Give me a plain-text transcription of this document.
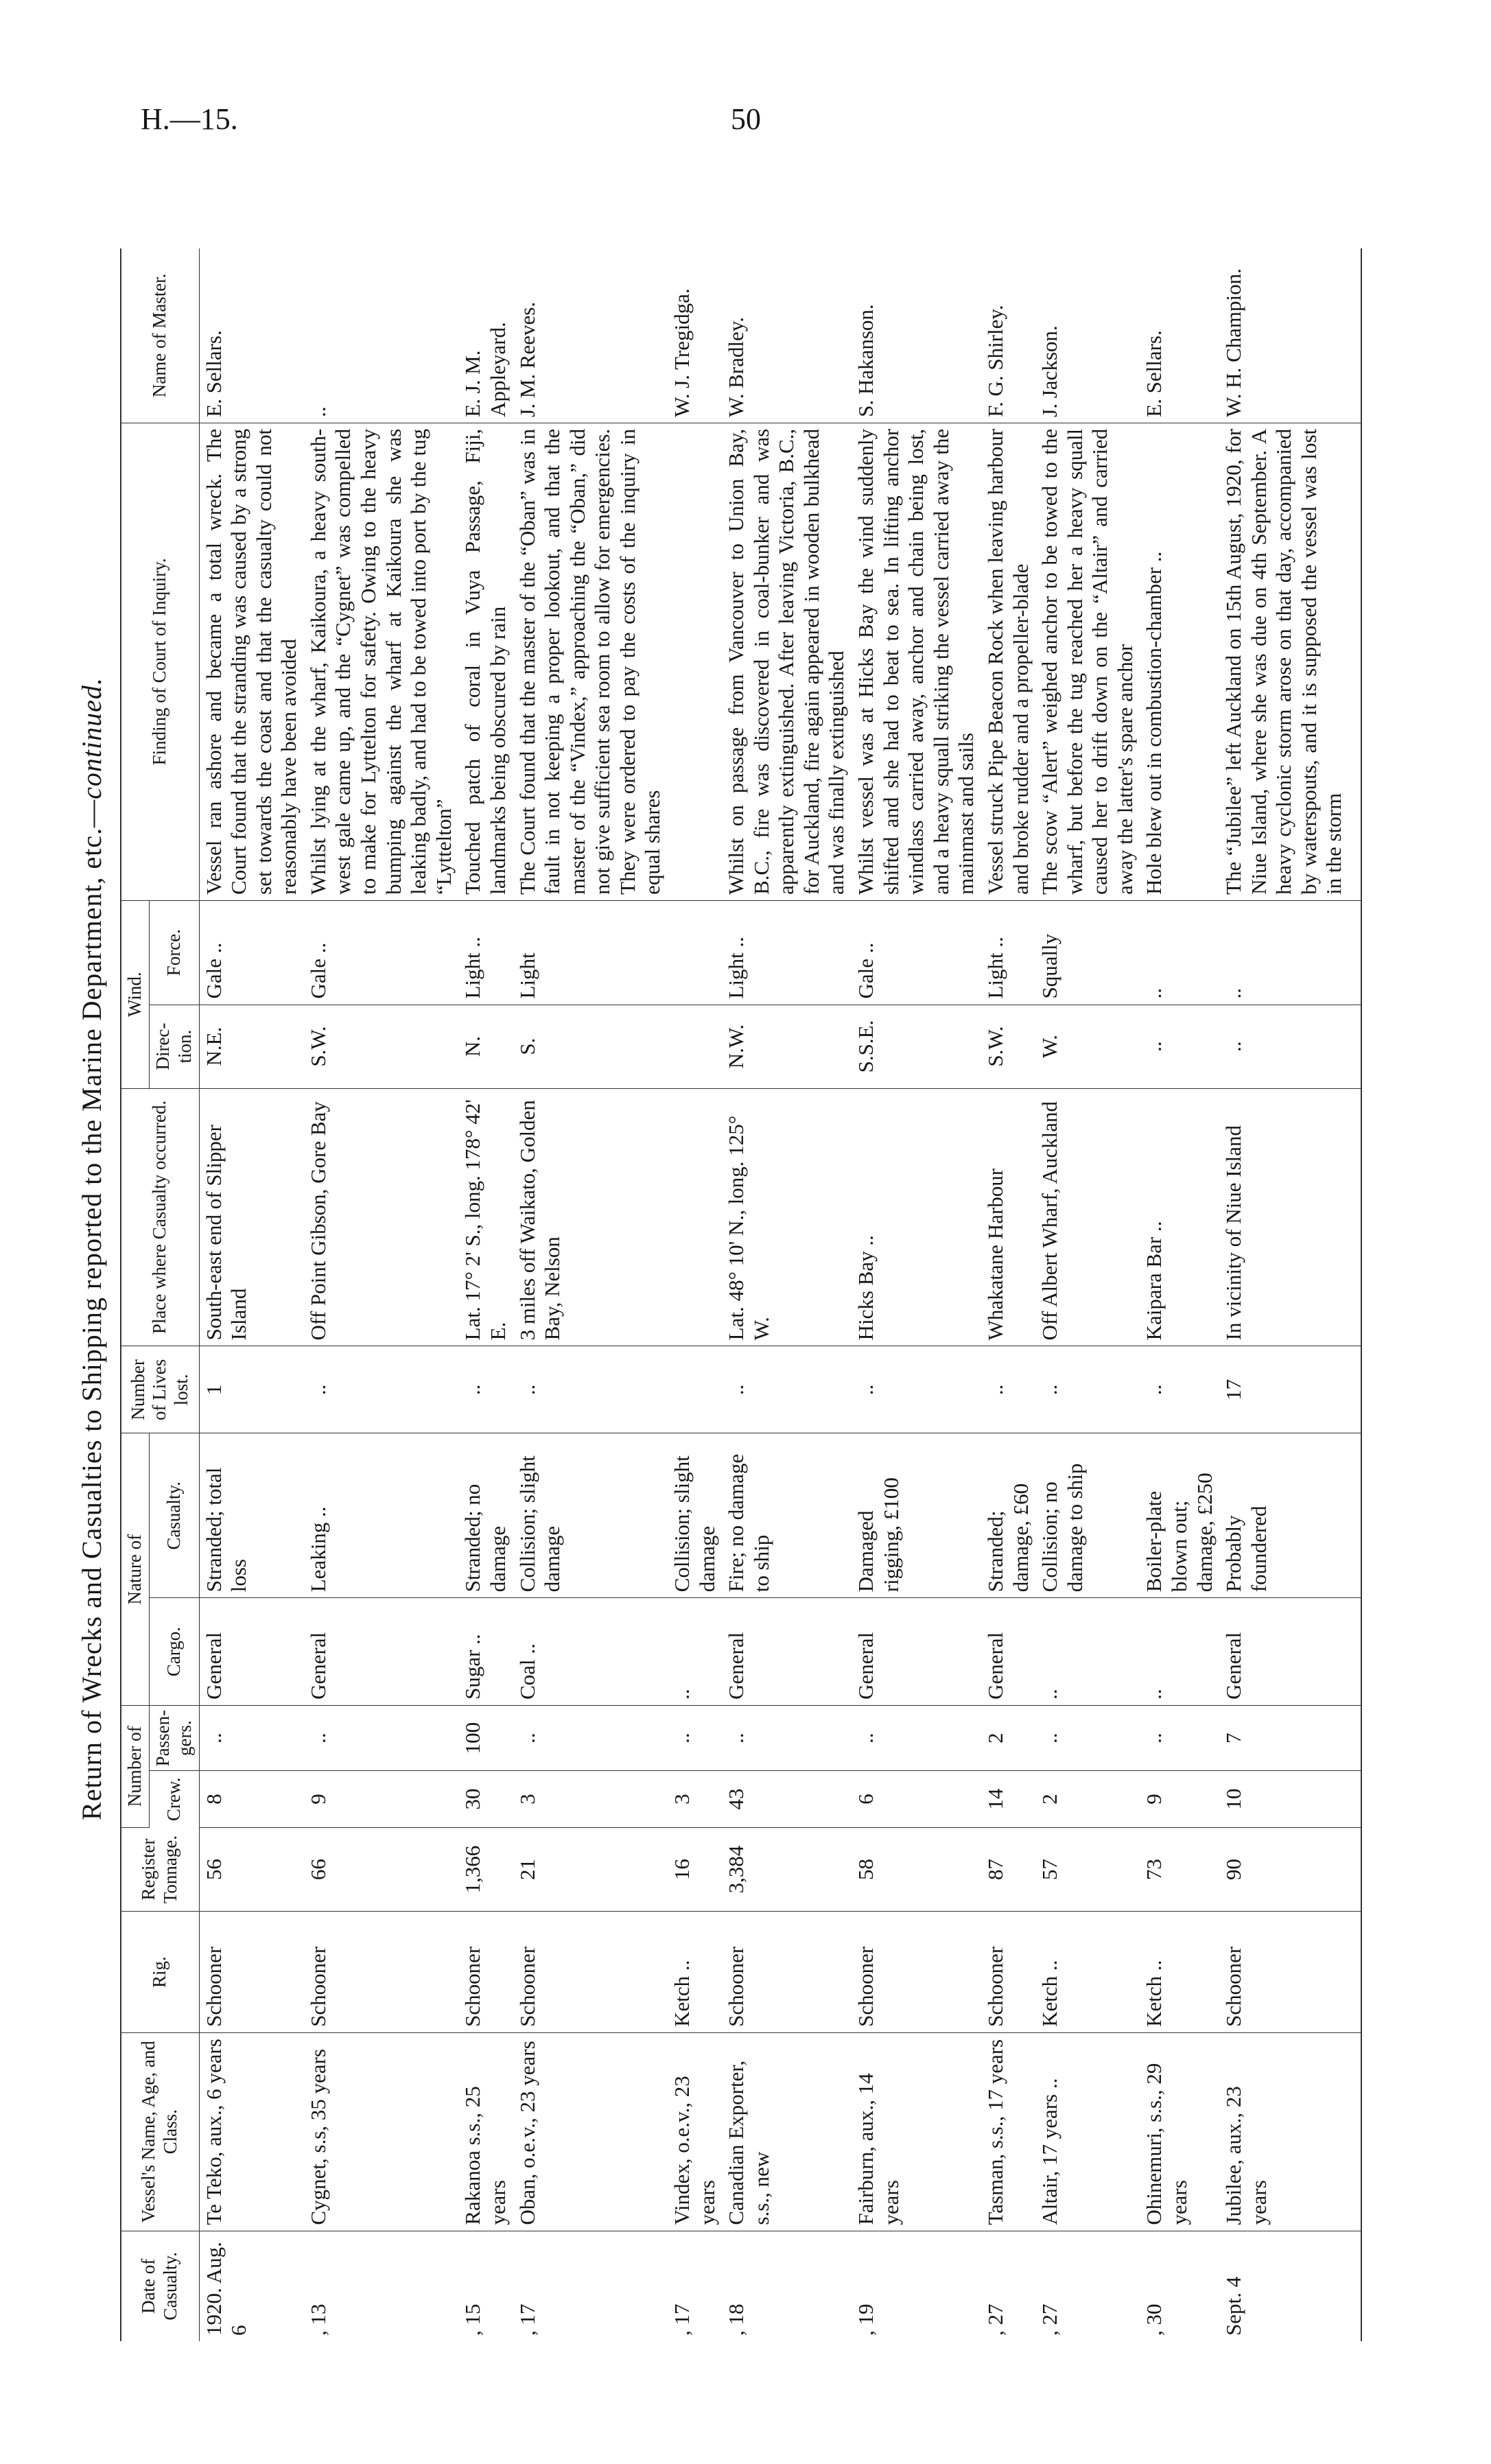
H.—15.	50
Return of Wrecks and Casualties to Shipping reported to the Marine Department, etc.—continued.
Date of Casualty.	Vessel's Name, Age, and Class.	Rig.	Register Tonnage.	Number of		Nature of		Number of Lives lost.	Place where Casualty occurred.	Wind.		Finding of Court of Inquiry.	Name of Master.
				Crew.	Passen-gers.	Cargo.	Casualty.			Direc-tion.	Force.		
1920. Aug. 6	Te Teko, aux., 6 years	Schooner	56	8	..	General	Stranded; total loss	1	South-east end of Slipper Island	N.E.	Gale ..	Vessel ran ashore and became a total wreck. The Court found that the stranding was caused by a strong set towards the coast and that the casualty could not reasonably have been avoided	E. Sellars.
, 13	Cygnet, s.s, 35 years	Schooner	66	9	..	General	Leaking ..	..	Off Point Gibson, Gore Bay	S.W.	Gale ..	Whilst lying at the wharf, Kaikoura, a heavy south-west gale came up, and the “Cygnet” was compelled to make for Lyttelton for safety. Owing to the heavy bumping against the wharf at Kaikoura she was leaking badly, and had to be towed into port by the tug “Lyttelton”	..
, 15	Rakanoa s.s., 25 years	Schooner	1,366	30	100	Sugar ..	Stranded; no damage	..	Lat. 17° 2' S., long. 178° 42' E.	N.	Light ..	Touched patch of coral in Vuya Passage, Fiji, landmarks being obscured by rain	E. J. M. Appleyard.
, 17	Oban, o.e.v., 23 years	Schooner	21	3	..	Coal ..	Collision; slight damage	..	3 miles off Waikato, Golden Bay, Nelson	S.	Light	The Court found that the master of the “Oban” was in fault in not keeping a proper lookout, and that the master of the “Vindex,” approaching the “Oban,” did not give sufficient sea room to allow for emergencies. They were ordered to pay the costs of the inquiry in equal shares	J. M. Reeves.
, 17	Vindex, o.e.v., 23 years	Ketch ..	16	3	..	..	Collision; slight damage						W. J. Tregidga.
, 18	Canadian Exporter, s.s., new	Schooner	3,384	43	..	General	Fire; no damage to ship	..	Lat. 48° 10' N., long. 125° W.	N.W.	Light ..	Whilst on passage from Vancouver to Union Bay, B.C., fire was discovered in coal-bunker and was apparently extinguished. After leaving Victoria, B.C., for Auckland, fire again appeared in wooden bulkhead and was finally extinguished	W. Bradley.
, 19	Fairburn, aux., 14 years	Schooner	58	6	..	General	Damaged rigging, £100	..	Hicks Bay ..	S.S.E.	Gale ..	Whilst vessel was at Hicks Bay the wind suddenly shifted and she had to beat to sea. In lifting anchor windlass carried away, anchor and chain being lost, and a heavy squall striking the vessel carried away the mainmast and sails	S. Hakanson.
, 27	Tasman, s.s., 17 years	Schooner	87	14	2	General	Stranded; damage, £60	..	Whakatane Harbour	S.W.	Light ..	Vessel struck Pipe Beacon Rock when leaving harbour and broke rudder and a propeller-blade	F. G. Shirley.
, 27	Altair, 17 years ..	Ketch ..	57	2	..	..	Collision; no damage to ship	..	Off Albert Wharf, Auckland	W.	Squally	The scow “Alert” weighed anchor to be towed to the wharf, but before the tug reached her a heavy squall caused her to drift down on the “Altair” and carried away the latter's spare anchor	J. Jackson.
, 30	Ohinemuri, s.s., 29 years	Ketch ..	73	9	..	..	Boiler-plate blown out; damage, £250	..	Kaipara Bar ..	..	..	Hole blew out in combustion-chamber ..	E. Sellars.
Sept. 4	Jubilee, aux., 23 years	Schooner	90	10	7	General	Probably foundered	17	In vicinity of Niue Island	..	..	The “Jubilee” left Auckland on 15th August, 1920, for Niue Island, where she was due on 4th September. A heavy cyclonic storm arose on that day, accompanied by waterspouts, and it is supposed the vessel was lost in the storm	W. H. Champion.
